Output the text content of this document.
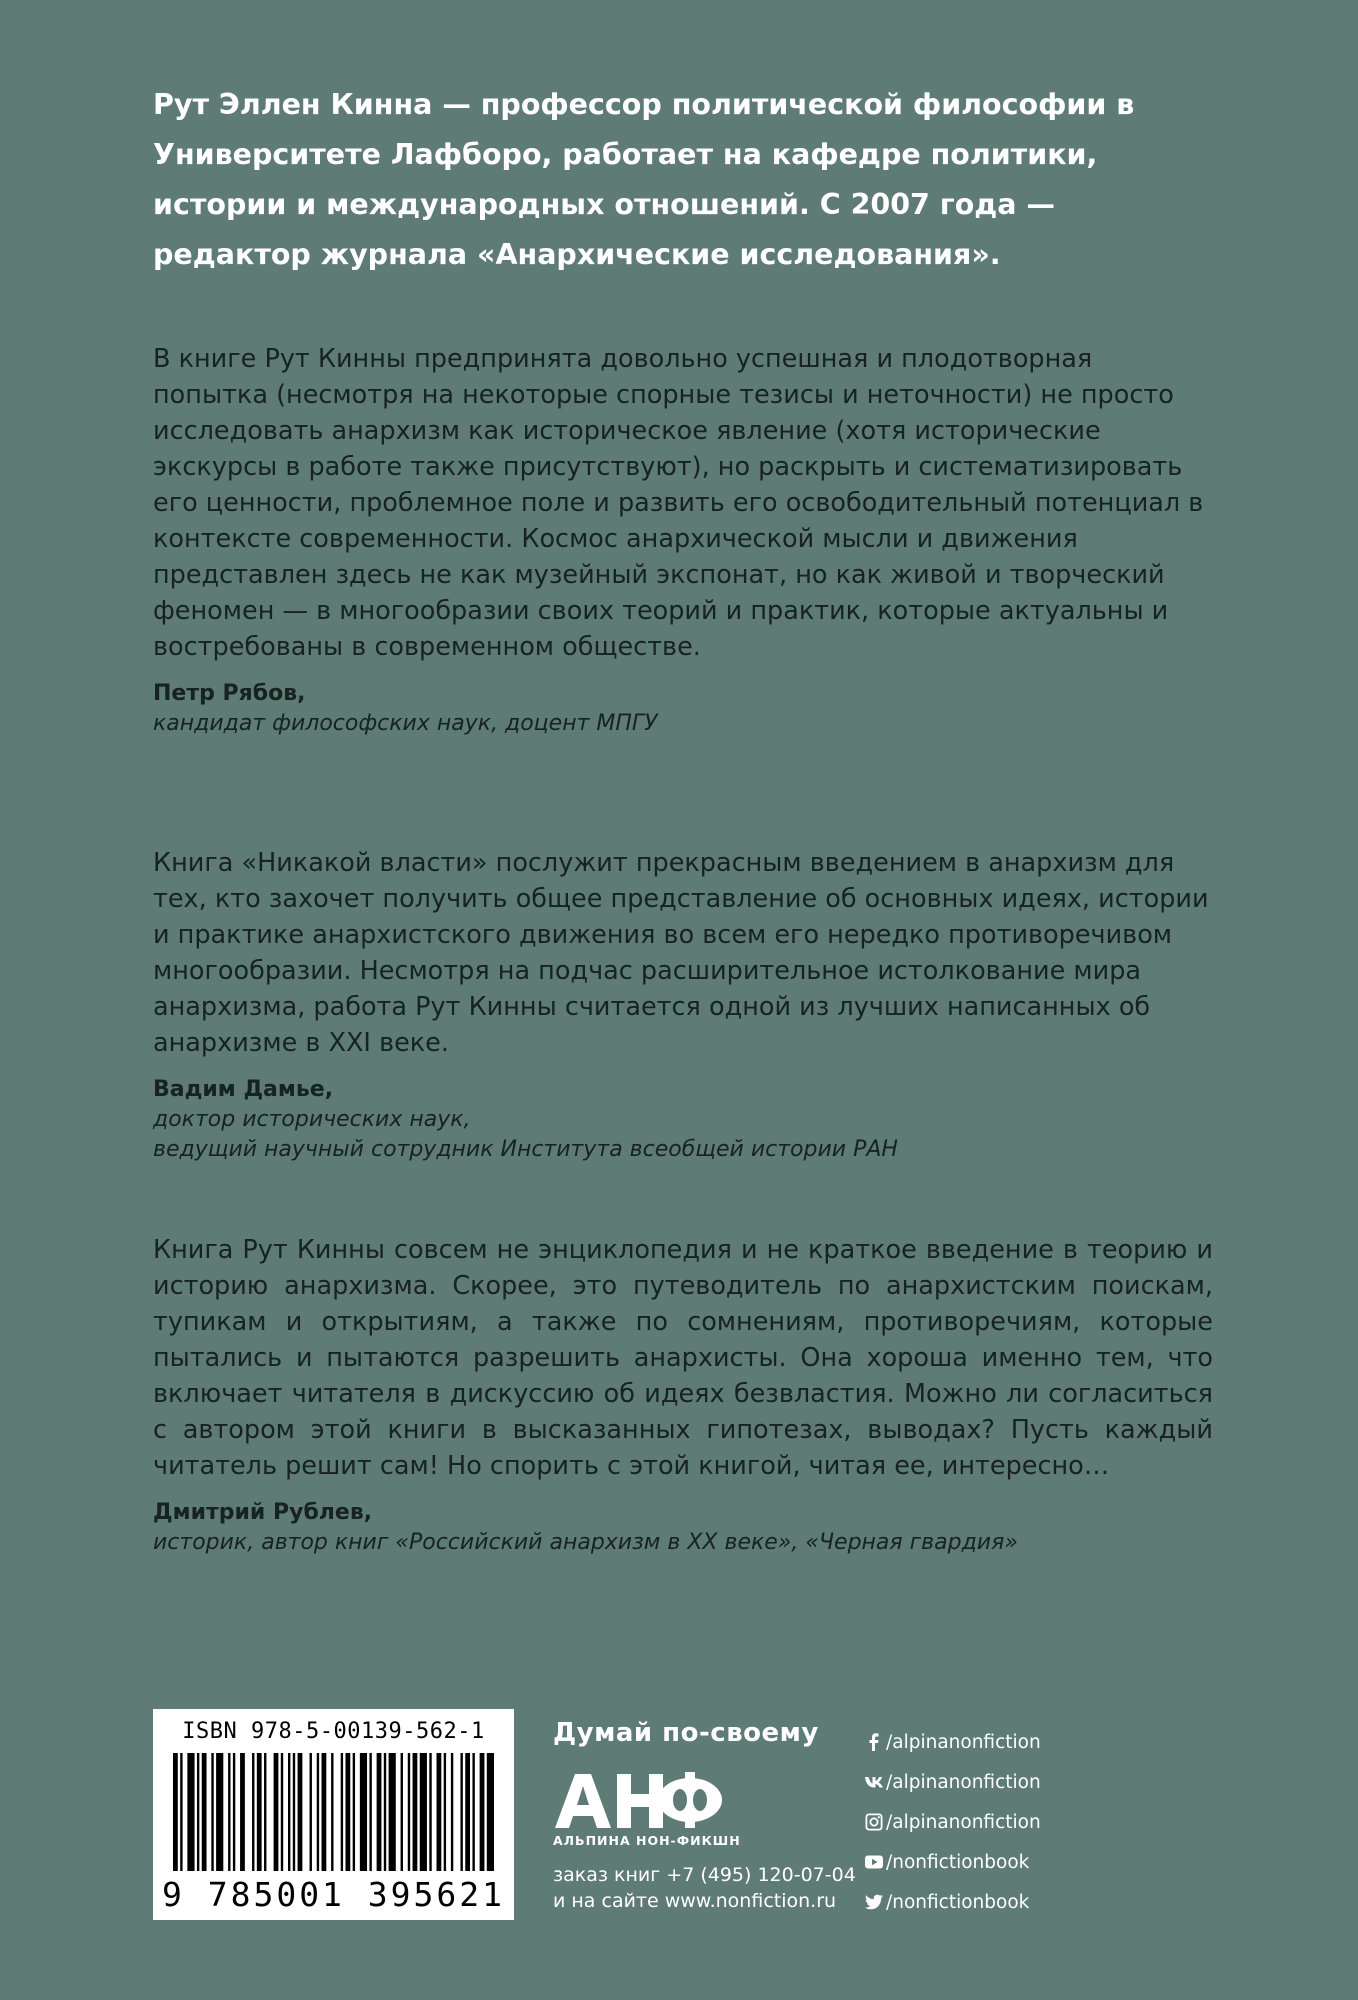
Рут Эллен Кинна — профессор политической философии в Университете Лафборо, работает на кафедре политики, истории и международных отношений. С 2007 года — редактор журнала «Анархические исследования».

В книге Рут Кинны предпринята довольно успешная и плодотворная попытка (несмотря на некоторые спорные тезисы и неточности) не просто исследовать анархизм как историческое явление (хотя исторические экскурсы в работе также присутствуют), но раскрыть и систематизировать его ценности, проблемное поле и развить его освободительный потенциал в контексте современности. Космос анархической мысли и движения представлен здесь не как музейный экспонат, но как живой и творческий феномен — в многообразии своих теорий и практик, которые актуальны и востребованы в современном обществе.

Петр Рябов,
кандидат философских наук, доцент МПГУ

Книга «Никакой власти» послужит прекрасным введением в анархизм для тех, кто захочет получить общее представление об основных идеях, истории и практике анархистского движения во всем его нередко противоречивом многообразии. Несмотря на подчас расширительное истолкование мира анархизма, работа Рут Кинны считается одной из лучших написанных об анархизме в XXI веке.

Вадим Дамье,
доктор исторических наук,
ведущий научный сотрудник Института всеобщей истории РАН

Книга Рут Кинны совсем не энциклопедия и не краткое введение в теорию и историю анархизма. Скорее, это путеводитель по анархистским поискам, тупикам и открытиям, а также по сомнениям, противоречиям, которые пытались и пытаются разрешить анархисты. Она хороша именно тем, что включает читателя в дискуссию об идеях безвластия. Можно ли согласиться с автором этой книги в высказанных гипотезах, выводах? Пусть каждый читатель решит сам! Но спорить с этой книгой, читая ее, интересно…

Дмитрий Рублев,
историк, автор книг «Российский анархизм в XX веке», «Черная гвардия»
ISBN 978-5-00139-562-1
9 785001 395621
Думай по-своему
АЛЬПИНА НОН-ФИКШН
заказ книг +7 (495) 120-07-04
и на сайте www.nonfiction.ru
/alpinanonfiction
/alpinanonfiction
/alpinanonfiction
/nonfictionbook
/nonfictionbook
